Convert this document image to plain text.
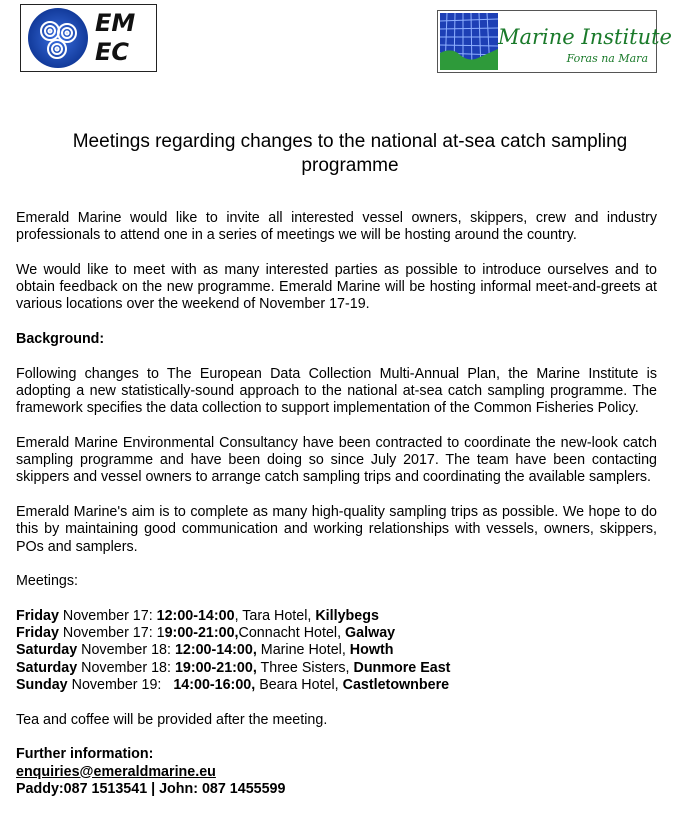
EM
EC
Marine Institute
Foras na Mara
Meetings regarding changes to the national at-sea catch sampling programme

Emerald Marine would like to invite all interested vessel owners, skippers, crew and industry professionals to attend one in a series of meetings we will be hosting around the country.

We would like to meet with as many interested parties as possible to introduce ourselves and to obtain feedback on the new programme. Emerald Marine will be hosting informal meet-and-greets at various locations over the weekend of November 17-19.

Background:

Following changes to The European Data Collection Multi-Annual Plan, the Marine Institute is adopting a new statistically-sound approach to the national at-sea catch sampling programme. The framework specifies the data collection to support implementation of the Common Fisheries Policy.

Emerald Marine Environmental Consultancy have been contracted to coordinate the new-look catch sampling programme and have been doing so since July 2017. The team have been contacting skippers and vessel owners to arrange catch sampling trips and coordinating the available samplers.

Emerald Marine's aim is to complete as many high-quality sampling trips as possible. We hope to do this by maintaining good communication and working relationships with vessels, owners, skippers, POs and samplers.

Meetings:

Friday November 17: 12:00-14:00, Tara Hotel, Killybegs
Friday November 17: 19:00-21:00,Connacht Hotel, Galway
Saturday November 18: 12:00-14:00, Marine Hotel, Howth
Saturday November 18: 19:00-21:00, Three Sisters, Dunmore East
Sunday November 19:   14:00-16:00, Beara Hotel, Castletownbere

Tea and coffee will be provided after the meeting.

Further information:
enquiries@emeraldmarine.eu
Paddy:087 1513541 | John: 087 1455599
